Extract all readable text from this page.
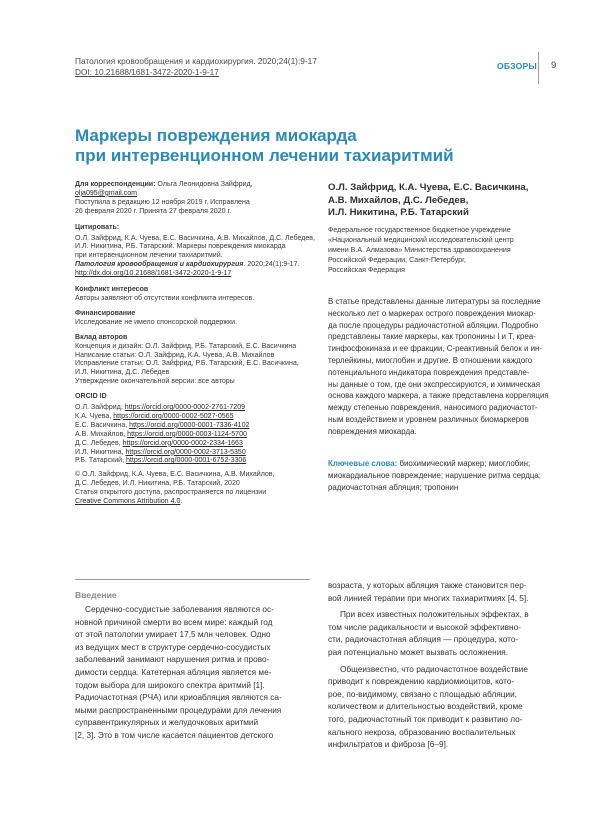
Патология кровообращения и кардиохирургия. 2020;24(1):9-17
DOI: 10.21688/1681-3472-2020-1-9-17
ОБЗОРЫ 9
Маркеры повреждения миокарда
при интервенционном лечении тахиаритмий
Для корреспонденции: Ольга Леонидовна Зайфрид,
olja095@gmail.com
Поступила в редакцию 12 ноября 2019 г. Исправлена
26 февраля 2020 г. Принята 27 февраля 2020 г.
Цитировать:
О.Л. Зайфрид, К.А. Чуева, Е.С. Васичкина, А.В. Михайлов, Д.С. Лебедев,
И.Л. Никитина, Р.Б. Татарский. Маркеры повреждения миокарда
при интервенционном лечении тахиаритмий.
Патология кровообращения и кардиохирургия. 2020;24(1):9-17.
http://dx.doi.org/10.21688/1681-3472-2020-1-9-17
Конфликт интересов
Авторы заявляют об отсутствии конфликта интересов.
Финансирование
Исследование не имело спонсорской поддержки.
Вклад авторов
Концепция и дизайн: О.Л. Зайфрид, Р.Б. Татарский, Е.С. Васичкина
Написание статьи: О.Л. Зайфрид, К.А. Чуева, А.В. Михайлов
Исправление статьи: О.Л. Зайфрид, Р.Б. Татарский, Е.С. Васичкина,
И.Л. Никитина, Д.С. Лебедев
Утверждение окончательной версии: все авторы
ORCID ID
О.Л. Зайфрид, https://orcid.org/0000-0002-2761-7209
К.А. Чуева, https://orcid.org/0000-0002-5027-0565
Е.С. Васичкина, https://orcid.org/0000-0001-7336-4102
А.В. Михайлов, https://orcid.org/0000-0003-1124-5700
Д.С. Лебедев, https://orcid.org/0000-0002-2334-1663
И.Л. Никитина, https://orcid.org/0000-0002-3713-5350
Р.Б. Татарский, https://orcid.org/0000-0001-6752-3306
© О.Л. Зайфрид, К.А. Чуева, Е.С. Васичкина, А.В. Михайлов,
Д.С. Лебедев, И.Л. Никитина, Р.Б. Татарский, 2020
Статья открытого доступа, распространяется по лицензии
Creative Commons Attribution 4.0.
О.Л. Зайфрид, К.А. Чуева, Е.С. Васичкина,
А.В. Михайлов, Д.С. Лебедев,
И.Л. Никитина, Р.Б. Татарский
Федеральное государственное бюджетное учреждение
«Национальный медицинский исследовательский центр
имени В.А. Алмазова» Министерства здравоохранения
Российской Федерации, Санкт-Петербург,
Российская Федерация
В статье представлены данные литературы за последние
несколько лет о маркерах острого повреждения миокар-
да после процедуры радиочастотной абляции. Подробно
представлены такие маркеры, как тропонины I и T, креа-
тинфосфокиназа и ее фракции, С-реактивный белок и ин-
терлейкины, миоглобин и другие. В отношении каждого
потенциального индикатора повреждения представле-
ны данные о том, где они экспрессируются, и химическая
основа каждого маркера, а также представлена корреляция
между степенью повреждения, наносимого радиочастот-
ным воздействием и уровнем различных биомаркеров
повреждения миокарда.
Ключевые слова: биохимический маркер; миоглобин;
миокардиальное повреждение; нарушение ритма сердца;
радиочастотная абляция; тропонин
Введение
Сердечно-сосудистые заболевания являются ос-
новной причиной смерти во всем мире: каждый год
от этой патологии умирает 17,5 млн человек. Одно
из ведущих мест в структуре сердечно-сосудистых
заболеваний занимают нарушения ритма и прово-
димости сердца. Катетерная абляция является ме-
тодом выбора для широкого спектра аритмий [1].
Радиочастотная (РЧА) или криоабляция являются са-
мыми распространенными процедурами для лечения
суправентрикулярных и желудочковых аритмий
[2, 3]. Это в том числе касается пациентов детского
возраста, у которых абляция также становится пер-
вой линией терапии при многих тахиаритмиях [4, 5].
При всех известных положительных эффектах, в
том числе радикальности и высокой эффективно-
сти, радиочастотная абляция — процедура, кото-
рая потенциально может вызвать осложнения.
Общеизвестно, что радиочастотное воздействие
приводит к повреждению кардиомиоцитов, кото-
рое, по-видимому, связано с площадью абляции,
количеством и длительностью воздействий, кроме
того, радиочастотный ток приводит к развитию ло-
кального некроза, образованию воспалительных
инфильтратов и фиброза [6–9].
